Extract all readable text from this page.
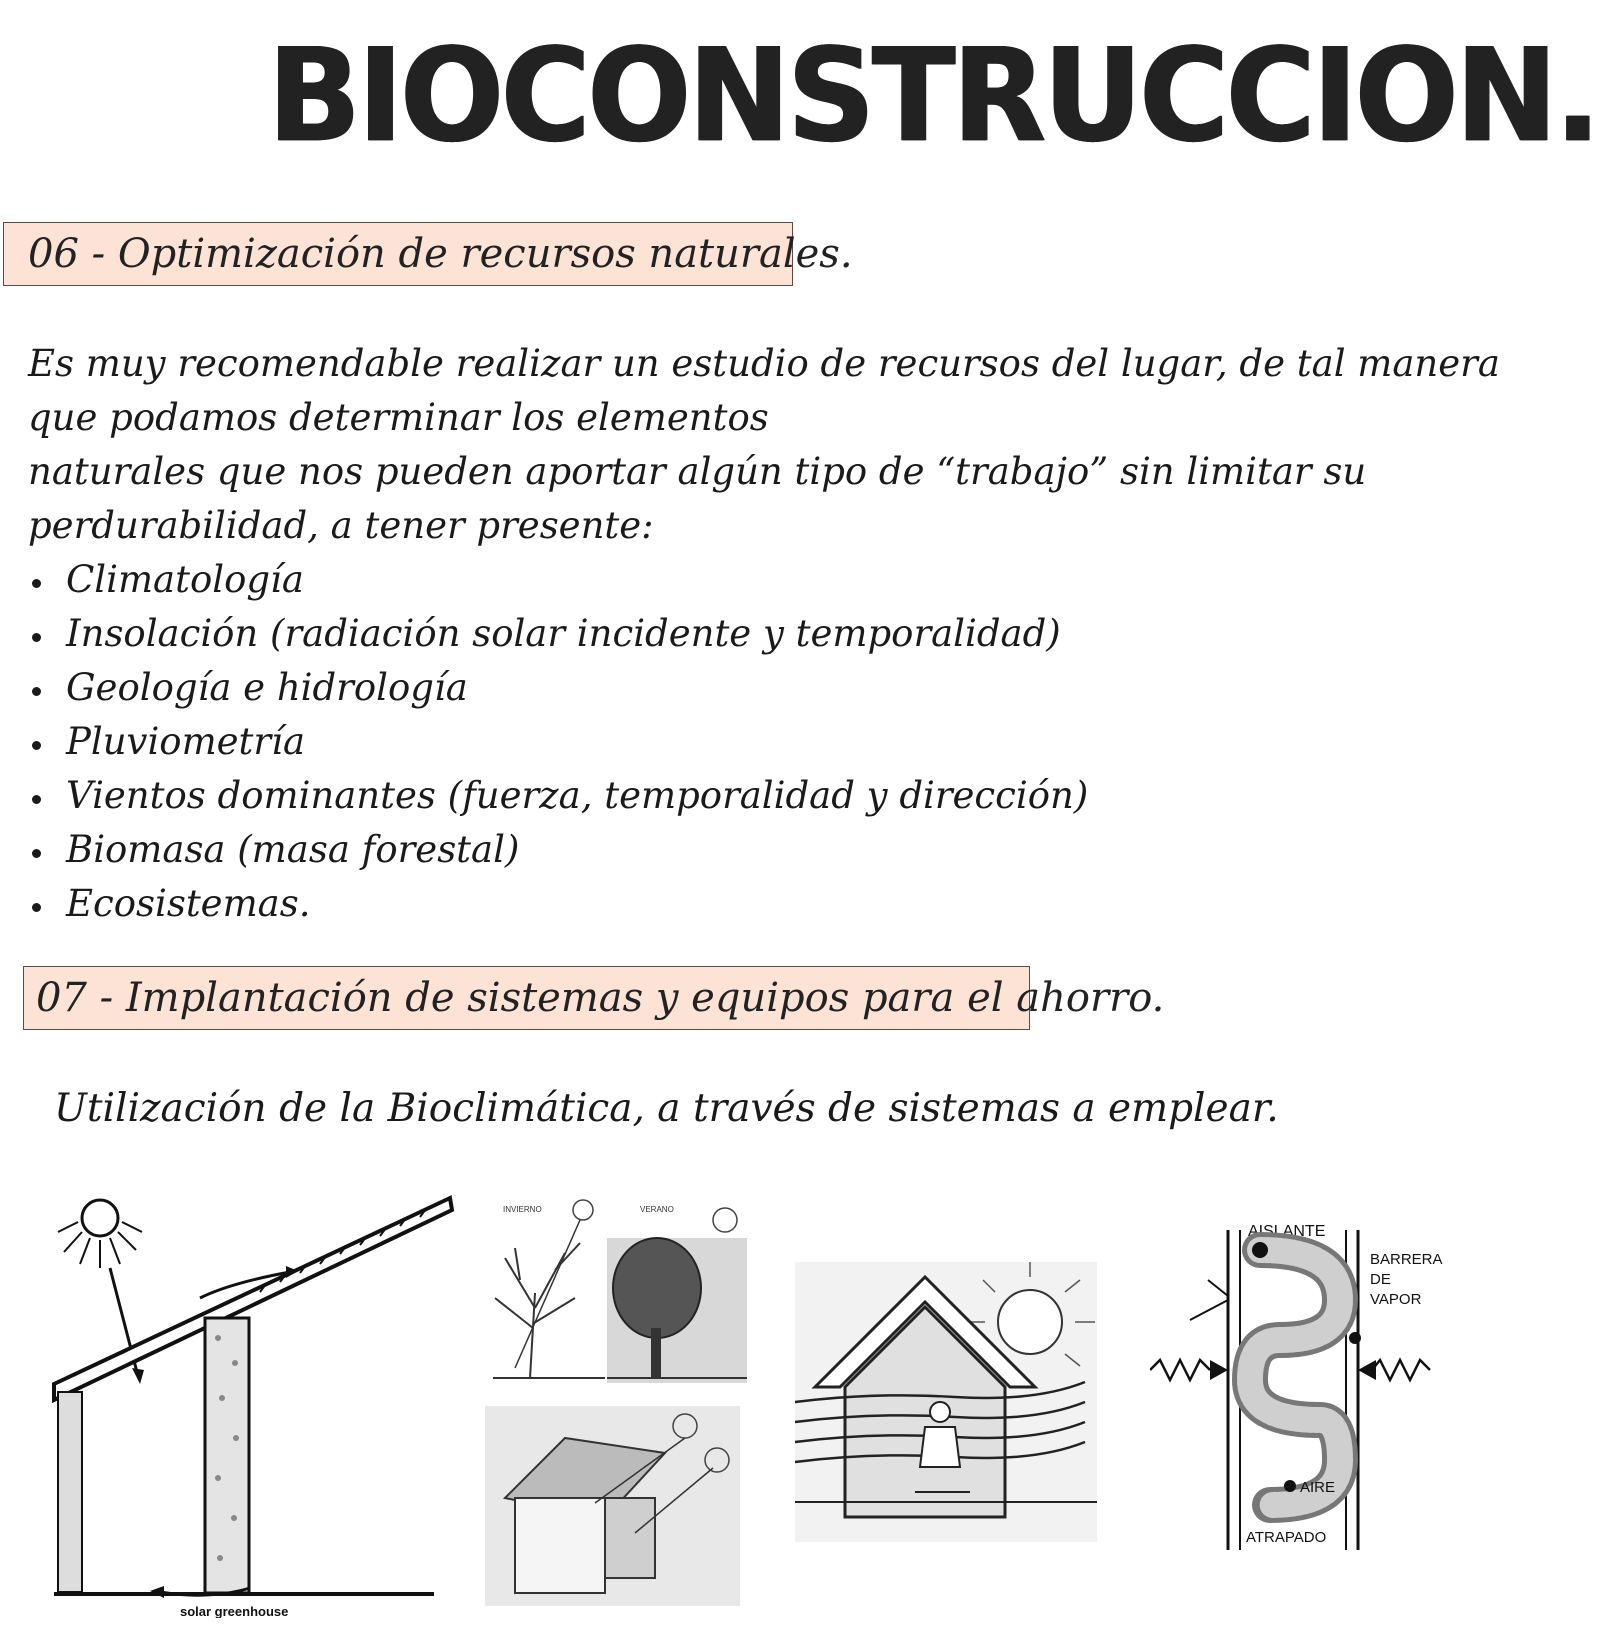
BIOCONSTRUCCION.
06 - Optimización de recursos naturales.

Es muy recomendable realizar un estudio de recursos del lugar, de tal manera que podamos determinar los elementos

naturales que nos pueden aportar algún tipo de “trabajo” sin limitar su perdurabilidad, a tener presente:

Climatología
Insolación (radiación solar incidente y temporalidad)
Geología e hidrología
Pluviometría
Vientos dominantes (fuerza, temporalidad y dirección)
Biomasa (masa forestal)
Ecosistemas.
07 - Implantación de sistemas y equipos para el ahorro.
Utilización de la Bioclimática, a través de sistemas a emplear.
solar greenhouse
INVIERNO	VERANO
AISLANTE
BARRERA
DE
VAPOR
AIRE
ATRAPADO
